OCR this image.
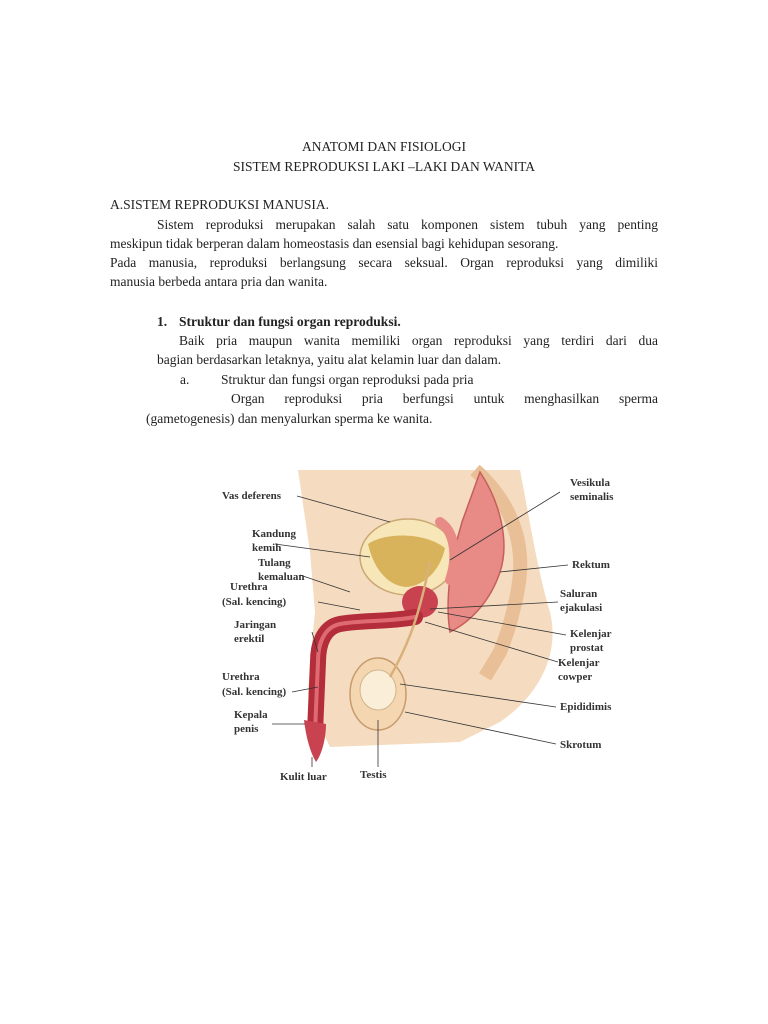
ANATOMI DAN FISIOLOGI
SISTEM REPRODUKSI LAKI –LAKI DAN WANITA
A.SISTEM REPRODUKSI MANUSIA.
Sistem reproduksi merupakan salah satu komponen sistem tubuh yang penting
meskipun tidak berperan dalam homeostasis dan esensial bagi kehidupan sesorang.
Pada manusia, reproduksi berlangsung secara seksual. Organ reproduksi yang dimiliki
manusia berbeda antara pria dan wanita.
1. Struktur dan fungsi organ reproduksi.
Baik pria maupun wanita memiliki organ reproduksi yang terdiri dari dua
bagian berdasarkan letaknya, yaitu alat kelamin luar dan dalam.
a. Struktur dan fungsi organ reproduksi pada pria
Organ reproduksi pria berfungsi untuk menghasilkan sperma
(gametogenesis) dan menyalurkan sperma ke wanita.
Vas deferens
Kandung
kemih
Tulang
kemaluan
Urethra
(Sal. kencing)
Jaringan
erektil
Urethra
(Sal. kencing)
Kepala
penis
Kulit luar	Testis
Vesikula
seminalis
Rektum
Saluran
ejakulasi
Kelenjar
prostat
Kelenjar
cowper
Epididimis
Skrotum
